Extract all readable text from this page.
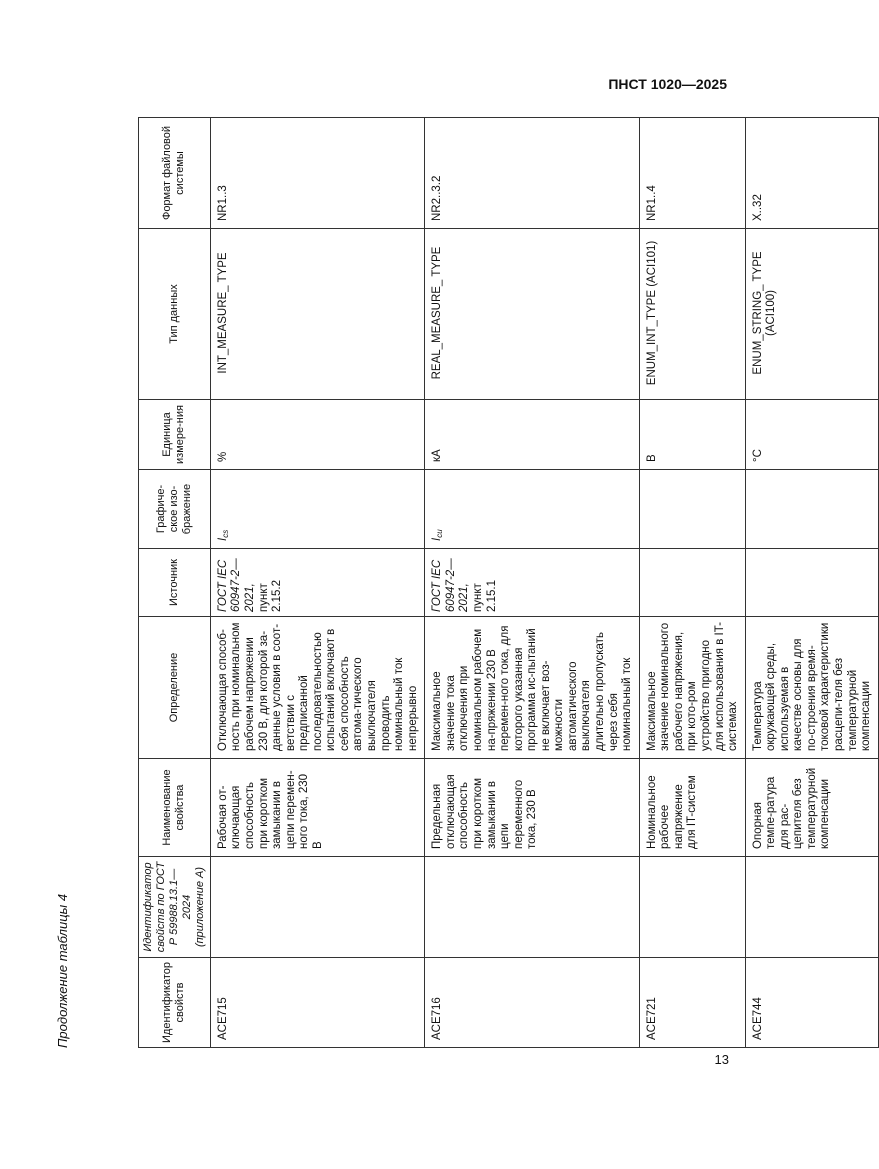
ПНСТ 1020—2025
Продолжение таблицы 4	Идентификатор свойств	Идентификатор свойств по ГОСТ Р 59988.13.1—2024 (приложение А)	Наименование свойства	Определение	Источник	Графиче-ское изо-бражение	Единица измере-ния	Тип данных	Формат файловой системы
ACE715		Рабочая от-ключающая способность при коротком замыкании в цепи перемен-ного тока, 230 В	Отключающая способ-ность при номинальном рабочем напряжении 230 В, для которой за-данные условия в соот-ветствии с предписанной последовательностью испытаний включают в себя способность автома-тического выключателя проводить номинальный ток непрерывно	ГОСТ IEC 60947-2—2021, пункт 2.15.2	$I_{cs}$	%	INT_MEASURE_ TYPE	NR1..3
ACE716		Предельная отключающая способность при коротком замыкании в цепи переменного тока, 230 В	Максимальное значение тока отключения при номинальном рабочем на-пряжении 230 В перемен-ного тока, для которого указанная программа ис-пытаний не включает воз-можности автоматического выключателя длительно пропускать через себя номинальный ток	ГОСТ IEC 60947-2—2021, пункт 2.15.1	$I_{cu}$	кА	REAL_MEASURE_ TYPE	NR2..3.2
ACE721		Номинальное рабочее напряжение для IT-систем	Максимальное значение номинального рабочего напряжения, при кото-ром устройство пригодно для использования в IT-системах			В	ENUM_INT_TYPE (ACI101)	NR1..4
ACE744		Опорная темпе-ратура для рас-цепителя без температурной компенсации	Температура окружающей среды, используемая в качестве основы для по-строения время-токовой характеристики расцепи-теля без температурной компенсации			°С	ENUM_STRING_ TYPE (ACI100)	X..32
13
